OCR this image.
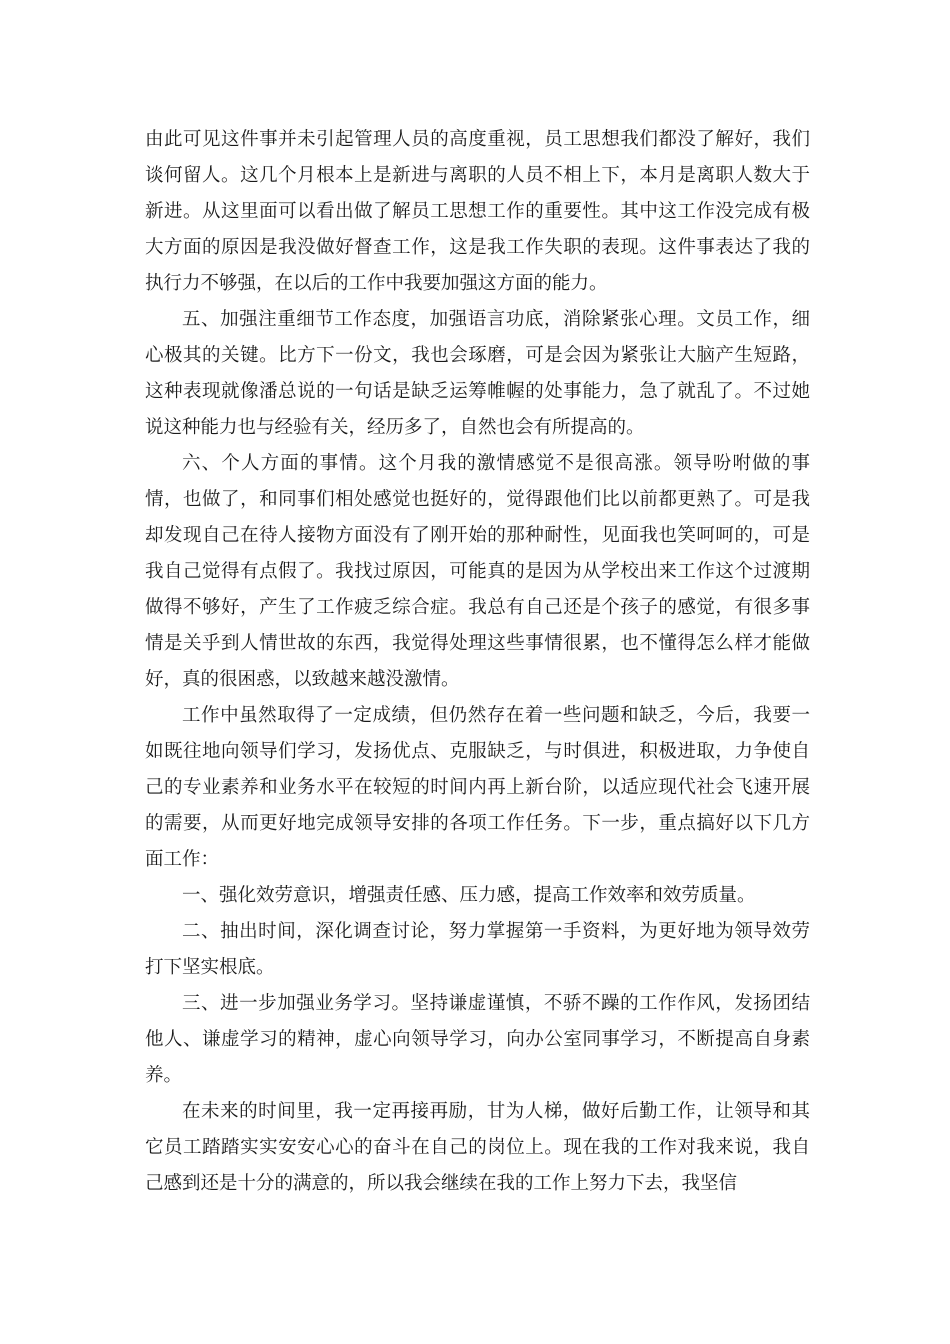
由此可见这件事并未引起管理人员的高度重视，员工思想我们都没了解好，我们谈何留人。这几个月根本上是新进与离职的人员不相上下，本月是离职人数大于新进。从这里面可以看出做了解员工思想工作的重要性。其中这工作没完成有极大方面的原因是我没做好督查工作，这是我工作失职的表现。这件事表达了我的执行力不够强，在以后的工作中我要加强这方面的能力。

五、加强注重细节工作态度，加强语言功底，消除紧张心理。文员工作，细心极其的关键。比方下一份文，我也会琢磨，可是会因为紧张让大脑产生短路，这种表现就像潘总说的一句话是缺乏运筹帷幄的处事能力，急了就乱了。不过她说这种能力也与经验有关，经历多了，自然也会有所提高的。

六、个人方面的事情。这个月我的激情感觉不是很高涨。领导吩咐做的事情，也做了，和同事们相处感觉也挺好的，觉得跟他们比以前都更熟了。可是我却发现自己在待人接物方面没有了刚开始的那种耐性，见面我也笑呵呵的，可是我自己觉得有点假了。我找过原因，可能真的是因为从学校出来工作这个过渡期做得不够好，产生了工作疲乏综合症。我总有自己还是个孩子的感觉，有很多事情是关乎到人情世故的东西，我觉得处理这些事情很累，也不懂得怎么样才能做好，真的很困惑，以致越来越没激情。

工作中虽然取得了一定成绩，但仍然存在着一些问题和缺乏，今后，我要一如既往地向领导们学习，发扬优点、克服缺乏，与时俱进，积极进取，力争使自己的专业素养和业务水平在较短的时间内再上新台阶，以适应现代社会飞速开展的需要，从而更好地完成领导安排的各项工作任务。下一步，重点搞好以下几方面工作：

一、强化效劳意识，增强责任感、压力感，提高工作效率和效劳质量。

二、抽出时间，深化调查讨论，努力掌握第一手资料，为更好地为领导效劳打下坚实根底。

三、进一步加强业务学习。坚持谦虚谨慎，不骄不躁的工作作风，发扬团结他人、谦虚学习的精神，虚心向领导学习，向办公室同事学习，不断提高自身素养。

在未来的时间里，我一定再接再励，甘为人梯，做好后勤工作，让领导和其它员工踏踏实实安安心心的奋斗在自己的岗位上。现在我的工作对我来说，我自己感到还是十分的满意的，所以我会继续在我的工作上努力下去，我坚信
